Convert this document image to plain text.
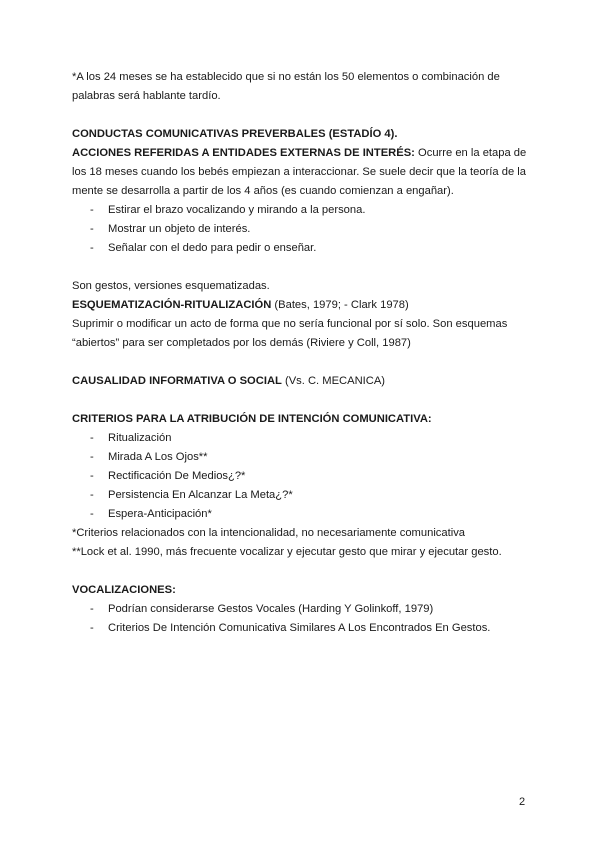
*A los 24 meses se ha establecido que si no están los 50 elementos o combinación de palabras será hablante tardío.

CONDUCTAS COMUNICATIVAS PREVERBALES (ESTADÍO 4).

ACCIONES REFERIDAS A ENTIDADES EXTERNAS DE INTERÉS: Ocurre en la etapa de los 18 meses cuando los bebés empiezan a interaccionar. Se suele decir que la teoría de la mente se desarrolla a partir de los 4 años (es cuando comienzan a engañar).

- Estirar el brazo vocalizando y mirando a la persona.
- Mostrar un objeto de interés.
- Señalar con el dedo para pedir o enseñar.

Son gestos, versiones esquematizadas.

ESQUEMATIZACIÓN-RITUALIZACIÓN (Bates, 1979; - Clark 1978)

Suprimir o modificar un acto de forma que no sería funcional por sí solo. Son esquemas “abiertos” para ser completados por los demás (Riviere y Coll, 1987)

CAUSALIDAD INFORMATIVA O SOCIAL (Vs. C. MECANICA)

CRITERIOS PARA LA ATRIBUCIÓN DE INTENCIÓN COMUNICATIVA:

- Ritualización
- Mirada A Los Ojos**
- Rectificación De Medios¿?*
- Persistencia En Alcanzar La Meta¿?*
- Espera-Anticipación*

*Criterios relacionados con la intencionalidad, no necesariamente comunicativa

**Lock et al. 1990, más frecuente vocalizar y ejecutar gesto que mirar y ejecutar gesto.

VOCALIZACIONES:

- Podrían considerarse Gestos Vocales (Harding Y Golinkoff, 1979)
- Criterios De Intención Comunicativa Similares A Los Encontrados En Gestos.
2
